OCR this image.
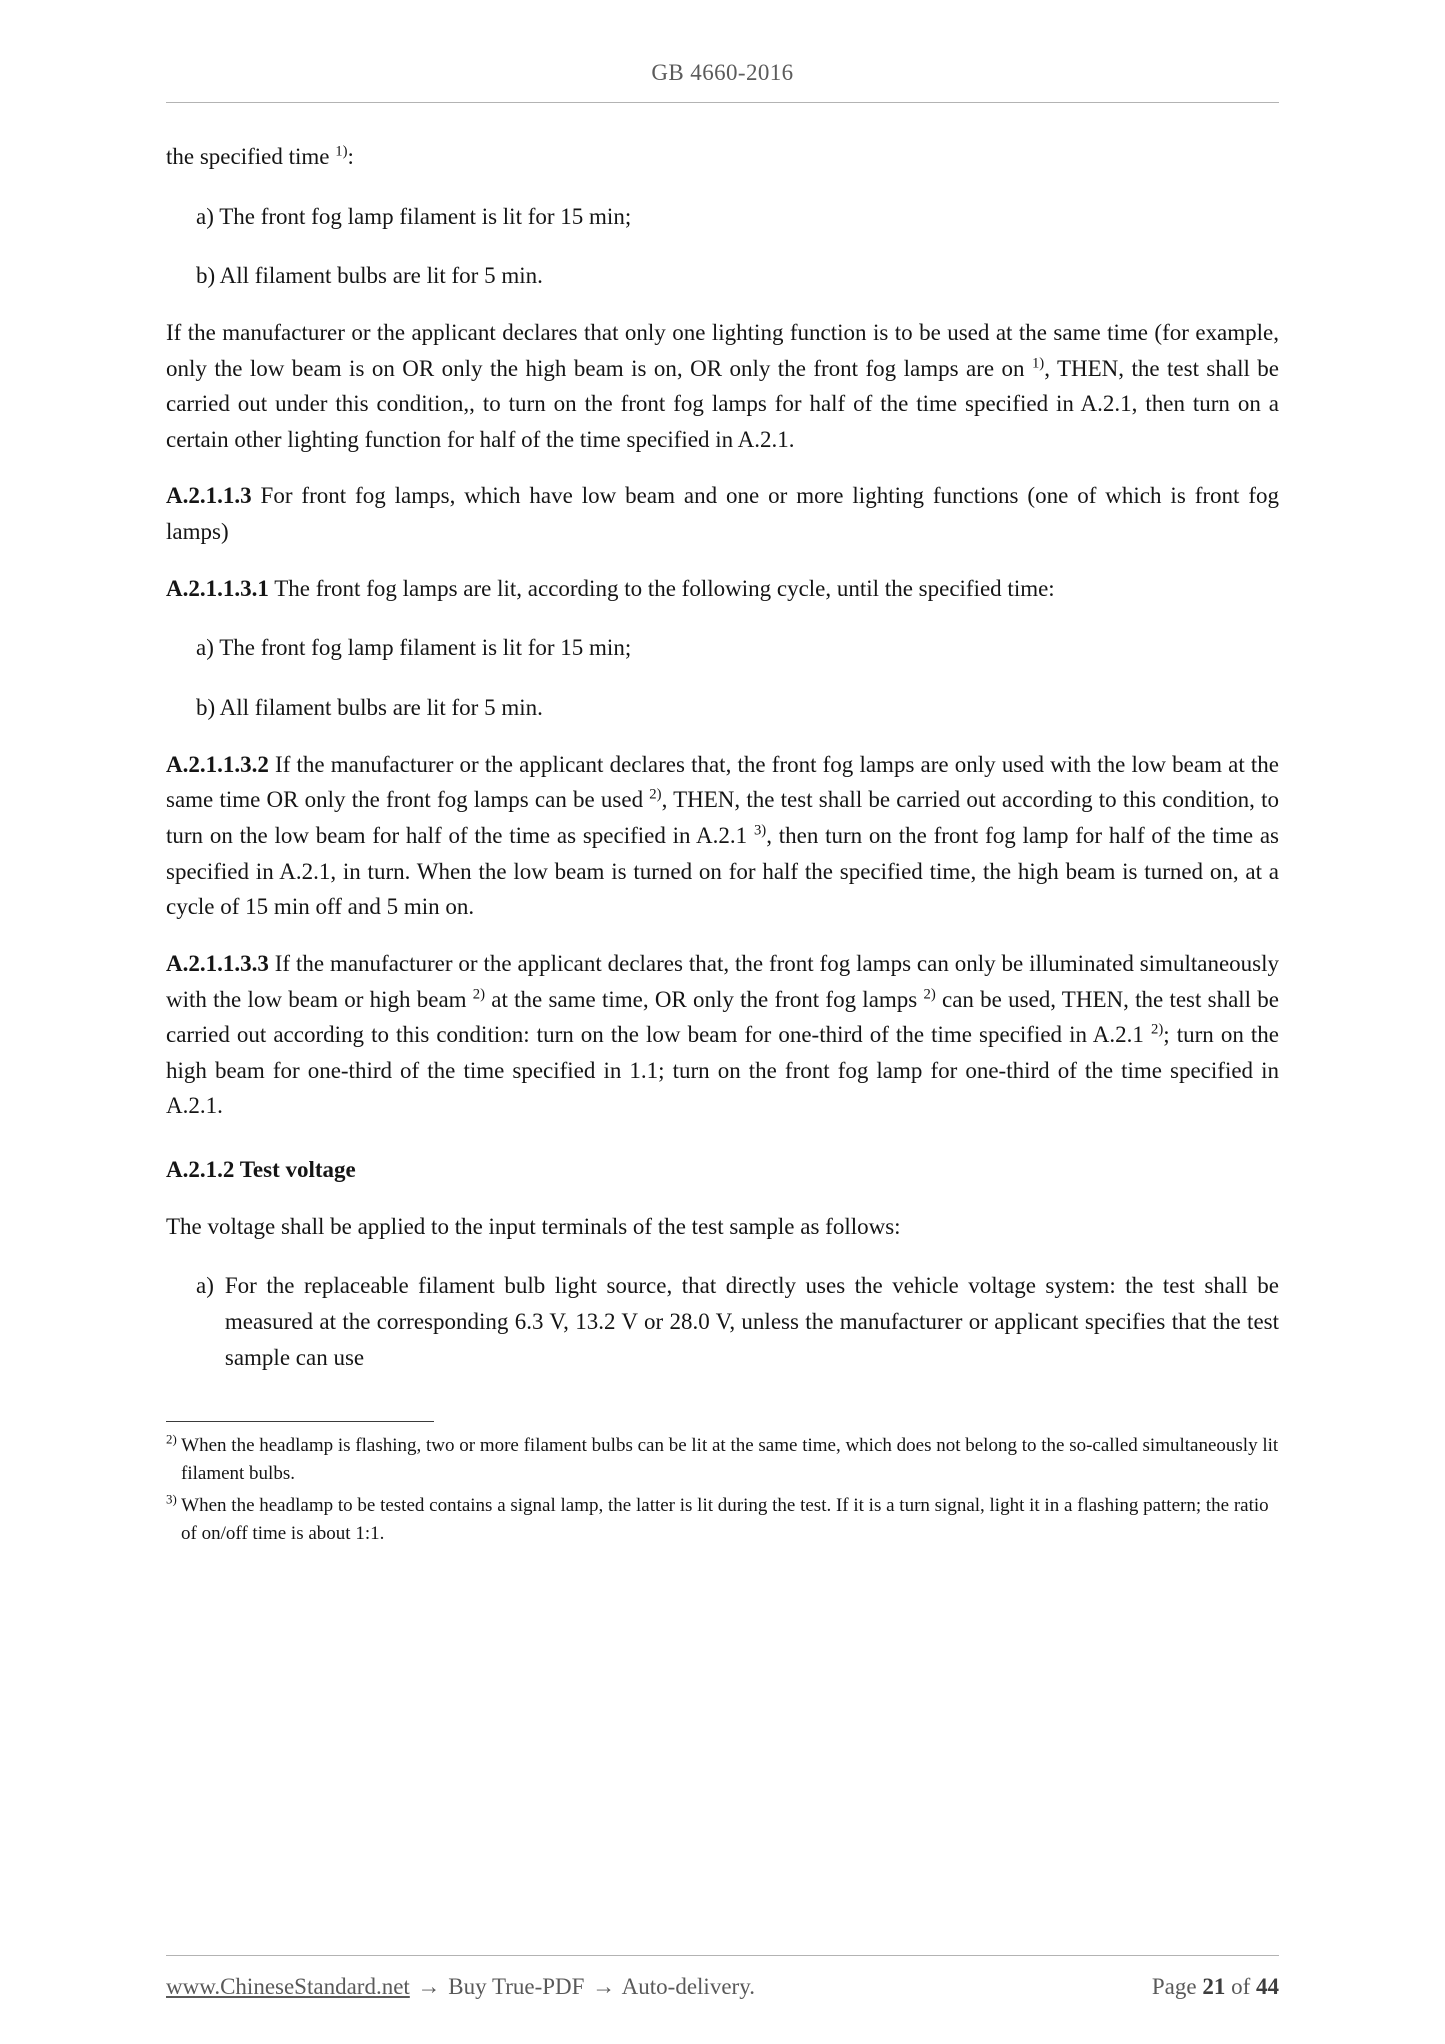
GB 4660-2016

the specified time $^{1)}$:

a) The front fog lamp filament is lit for 15 min;

b) All filament bulbs are lit for 5 min.

If the manufacturer or the applicant declares that only one lighting function is to be used at the same time (for example, only the low beam is on OR only the high beam is on, OR only the front fog lamps are on $^{1)}$, THEN, the test shall be carried out under this condition,, to turn on the front fog lamps for half of the time specified in A.2.1, then turn on a certain other lighting function for half of the time specified in A.2.1.

A.2.1.1.3 For front fog lamps, which have low beam and one or more lighting functions (one of which is front fog lamps)

A.2.1.1.3.1 The front fog lamps are lit, according to the following cycle, until the specified time:

a) The front fog lamp filament is lit for 15 min;

b) All filament bulbs are lit for 5 min.

A.2.1.1.3.2 If the manufacturer or the applicant declares that, the front fog lamps are only used with the low beam at the same time OR only the front fog lamps can be used $^{2)}$, THEN, the test shall be carried out according to this condition, to turn on the low beam for half of the time as specified in A.2.1 $^{3)}$, then turn on the front fog lamp for half of the time as specified in A.2.1, in turn. When the low beam is turned on for half the specified time, the high beam is turned on, at a cycle of 15 min off and 5 min on.

A.2.1.1.3.3 If the manufacturer or the applicant declares that, the front fog lamps can only be illuminated simultaneously with the low beam or high beam $^{2)}$ at the same time, OR only the front fog lamps $^{2)}$ can be used, THEN, the test shall be carried out according to this condition: turn on the low beam for one-third of the time specified in A.2.1 $^{2)}$; turn on the high beam for one-third of the time specified in 1.1; turn on the front fog lamp for one-third of the time specified in A.2.1.

A.2.1.2 Test voltage

The voltage shall be applied to the input terminals of the test sample as follows:

a) For the replaceable filament bulb light source, that directly uses the vehicle voltage system: the test shall be measured at the corresponding 6.3 V, 13.2 V or 28.0 V, unless the manufacturer or applicant specifies that the test sample can use
$^{2)}$ When the headlamp is flashing, two or more filament bulbs can be lit at the same time, which does not belong to the so-called simultaneously lit filament bulbs.
$^{3)}$ When the headlamp to be tested contains a signal lamp, the latter is lit during the test. If it is a turn signal, light it in a flashing pattern; the ratio of on/off time is about 1:1.
www.ChineseStandard.net → Buy True-PDF → Auto-delivery.	Page 21 of 44
